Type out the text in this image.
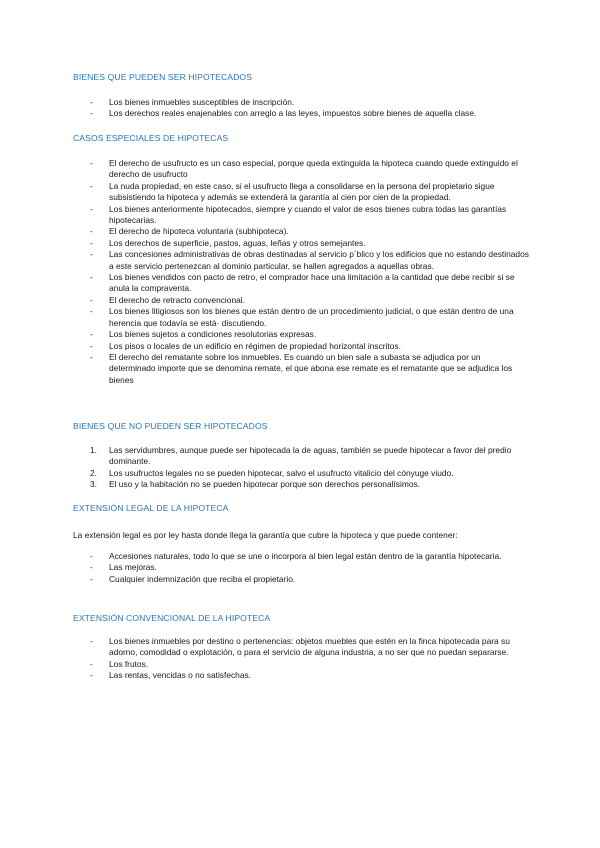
BIENES QUE PUEDEN SER HIPOTECADOS
-	Los bienes inmuebles susceptibles de inscripción.
-	Los derechos reales enajenables con arreglo a las leyes, impuestos sobre bienes de aquella clase.
CASOS ESPECIALES DE HIPOTECAS
-	El derecho de usufructo es un caso especial, porque queda extinguida la hipoteca cuando quede extinguido el derecho de usufructo
-	La nuda propiedad, en este caso, si el usufructo llega a consolidarse en la persona del propietario sigue subsistiendo la hipoteca y además se extenderá la garantía al cien por cien de la propiedad.
-	Los bienes anteriormente hipotecados, siempre y cuando el valor de esos bienes cubra todas las garantías hipotecarias.
-	El derecho de hipoteca voluntaria (subhipoteca).
-	Los derechos de superficie, pastos, aguas, leñas y otros semejantes.
-	Las concesiones administrativas de obras destinadas al servicio p´blico y los edificios que no estando destinados a este servicio pertenezcan al dominio particular, se hallen agregados a aquellas obras.
-	Los bienes vendidos con pacto de retro, el comprador hace una limitación a la cantidad que debe recibir si se anula la compraventa.
-	El derecho de retracto convencional.
-	Los bienes litigiosos son los bienes que están dentro de un procedimiento judicial, o que están dentro de una herencia que todavía se está· discutiendo.
-	Los bienes sujetos a condiciones resolutorias expresas.
-	Los pisos o locales de un edificio en régimen de propiedad horizontal inscritos.
-	El derecho del rematante sobre los inmuebles. Es cuando un bien sale a subasta se adjudica por un determinado importe que se denomina remate, el que abona ese remate es el rematante que se adjudica los bienes
BIENES QUE NO PUEDEN SER HIPOTECADOS
1.	Las servidumbres, aunque puede ser hipotecada la de aguas, también se puede hipotecar a favor del predio dominante.
2.	Los usufructos legales no se pueden hipotecar, salvo el usufructo vitalicio del cónyuge viudo.
3.	El uso y la habitación no se pueden hipotecar porque son derechos personalísimos.
EXTENSIÓN LEGAL DE LA HIPOTECA
La extensión legal es por ley hasta donde llega la garantía que cubre la hipoteca y que puede contener:
-	Accesiones naturales, todo lo que se une o incorpora al bien legal están dentro de la garantía hipotecaria.
-	Las mejoras.
-	Cualquier indemnización que reciba el propietario.
EXTENSIÓN CONVENCIONAL DE LA HIPOTECA
-	Los bienes inmuebles por destino o pertenencias: objetos muebles que estén en la finca hipotecada para su adorno, comodidad o explotación, o para el servicio de alguna industria, a no ser que no puedan separarse.
-	Los frutos.
-	Las rentas, vencidas o no satisfechas.
